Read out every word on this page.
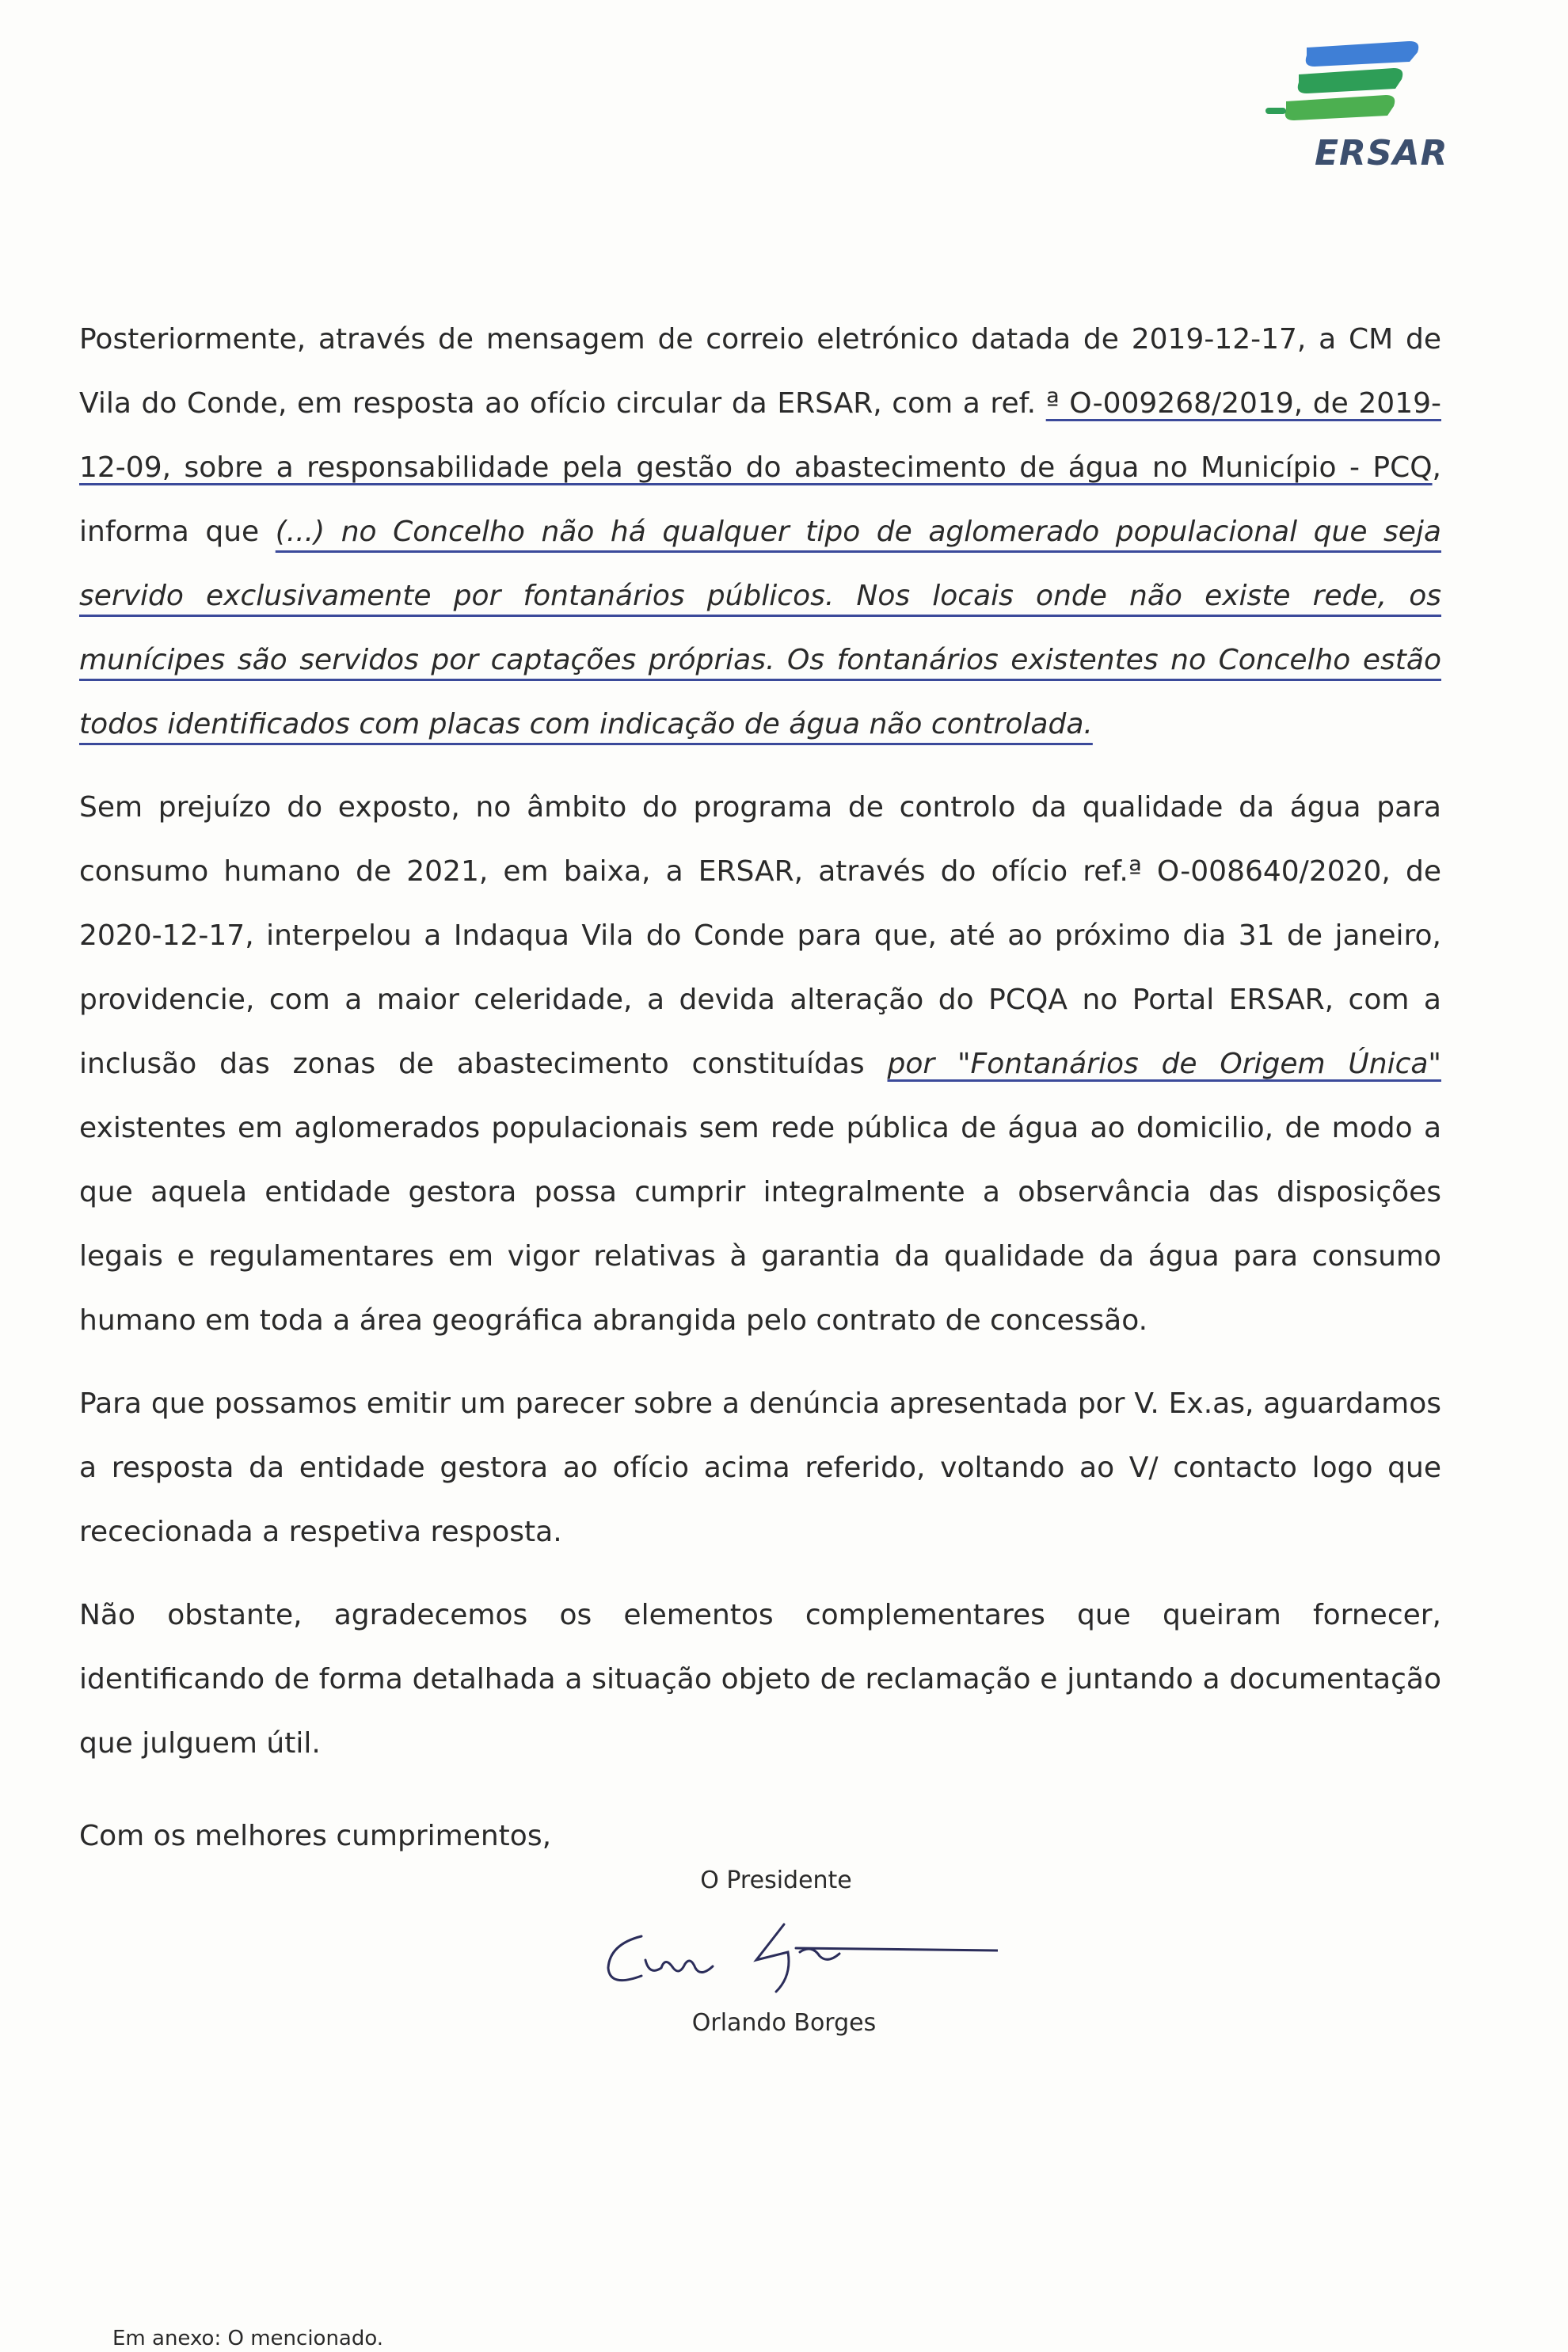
ERSAR

Posteriormente, através de mensagem de correio eletrónico datada de 2019-12-17, a CM de Vila do Conde, em resposta ao ofício circular da ERSAR, com a ref. ª O-009268/2019, de 2019-12-09, sobre a responsabilidade pela gestão do abastecimento de água no Município - PCQ, informa que (...) no Concelho não há qualquer tipo de aglomerado populacional que seja servido exclusivamente por fontanários públicos. Nos locais onde não existe rede, os munícipes são servidos por captações próprias. Os fontanários existentes no Concelho estão todos identificados com placas com indicação de água não controlada.

Sem prejuízo do exposto, no âmbito do programa de controlo da qualidade da água para consumo humano de 2021, em baixa, a ERSAR, através do ofício ref.ª O-008640/2020, de 2020-12-17, interpelou a Indaqua Vila do Conde para que, até ao próximo dia 31 de janeiro, providencie, com a maior celeridade, a devida alteração do PCQA no Portal ERSAR, com a inclusão das zonas de abastecimento constituídas por "Fontanários de Origem Única" existentes em aglomerados populacionais sem rede pública de água ao domicilio, de modo a que aquela entidade gestora possa cumprir integralmente a observância das disposições legais e regulamentares em vigor relativas à garantia da qualidade da água para consumo humano em toda a área geográfica abrangida pelo contrato de concessão.

Para que possamos emitir um parecer sobre a denúncia apresentada por V. Ex.as, aguardamos a resposta da entidade gestora ao ofício acima referido, voltando ao V/ contacto logo que rececionada a respetiva resposta.

Não obstante, agradecemos os elementos complementares que queiram fornecer, identificando de forma detalhada a situação objeto de reclamação e juntando a documentação que julguem útil.

Com os melhores cumprimentos,

O Presidente
Orlando Borges
Em anexo: O mencionado.
